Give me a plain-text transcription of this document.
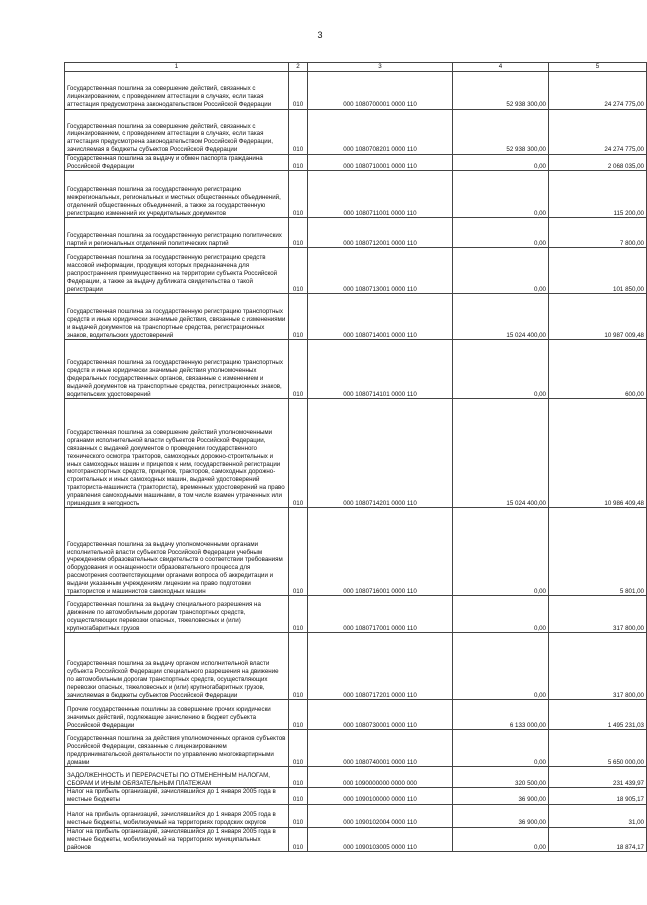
3
1	2	3	4	5
Государственная пошлина за совершение действий, связанных с лицензированием, с проведением аттестации в случаях, если такая аттестация предусмотрена законодательством Российской Федерации	010	000 1080700001 0000 110	52 938 300,00	24 274 775,00
Государственная пошлина за совершение действий, связанных с лицензированием, с проведением аттестации в случаях, если такая аттестация предусмотрена законодательством Российской Федерации, зачисляемая в бюджеты субъектов Российской Федерации	010	000 1080708201 0000 110	52 938 300,00	24 274 775,00
Государственная пошлина за выдачу и обмен паспорта гражданина Российской Федерации	010	000 1080710001 0000 110	0,00	2 068 035,00
Государственная пошлина за государственную регистрацию межрегиональных, региональных и местных общественных объединений, отделений общественных объединений, а также за государственную регистрацию изменений их учредительных документов	010	000 1080711001 0000 110	0,00	115 200,00
Государственная пошлина за государственную регистрацию политических партий и региональных отделений политических партий	010	000 1080712001 0000 110	0,00	7 800,00
Государственная пошлина за государственную регистрацию средств массовой информации, продукция которых предназначена для распространения преимущественно на территории субъекта Российской Федерации, а также за выдачу дубликата свидетельства о такой регистрации	010	000 1080713001 0000 110	0,00	101 850,00
Государственная пошлина за государственную регистрацию транспортных средств и иные юридически значимые действия, связанные с изменениями и выдачей документов на транспортные средства, регистрационных знаков, водительских удостоверений	010	000 1080714001 0000 110	15 024 400,00	10 987 009,48
Государственная пошлина за государственную регистрацию транспортных средств и иные юридически значимые действия уполномоченных федеральных государственных органов, связанные с изменением и выдачей документов на транспортные средства, регистрационных знаков, водительских удостоверений	010	000 1080714101 0000 110	0,00	600,00
Государственная пошлина за совершение действий уполномоченными органами исполнительной власти субъектов Российской Федерации, связанных с выдачей документов о проведении государственного технического осмотра тракторов, самоходных дорожно-строительных и иных самоходных машин и прицепов к ним, государственной регистрации мототранспортных средств, прицепов, тракторов, самоходных дорожно-строительных и иных самоходных машин, выдачей удостоверений тракториста-машиниста (тракториста), временных удостоверений на право управления самоходными машинами, в том числе взамен утраченных или пришедших в негодность	010	000 1080714201 0000 110	15 024 400,00	10 986 409,48
Государственная пошлина за выдачу уполномоченными органами исполнительной власти субъектов Российской Федерации учебным учреждениям образовательных свидетельств о соответствии требованиям оборудования и оснащенности образовательного процесса для рассмотрения соответствующими органами вопроса об аккредитации и выдачи указанным учреждениям лицензии на право подготовки трактористов и машинистов самоходных машин	010	000 1080716001 0000 110	0,00	5 801,00
Государственная пошлина за выдачу специального разрешения на движение по автомобильным дорогам транспортных средств, осуществляющих перевозки опасных, тяжеловесных и (или) крупногабаритных грузов	010	000 1080717001 0000 110	0,00	317 800,00
Государственная пошлина за выдачу органом исполнительной власти субъекта Российской Федерации специального разрешения на движение по автомобильным дорогам транспортных средств, осуществляющих перевозки опасных, тяжеловесных и (или) крупногабаритных грузов, зачисляемая в бюджеты субъектов Российской Федерации	010	000 1080717201 0000 110	0,00	317 800,00
Прочие государственные пошлины за совершение прочих юридически значимых действий, подлежащие зачислению в бюджет субъекта Российской Федерации	010	000 1080730001 0000 110	6 133 000,00	1 495 231,03
Государственная пошлина за действия уполномоченных органов субъектов Российской Федерации, связанные с лицензированием предпринимательской деятельности по управлению многоквартирными домами	010	000 1080740001 0000 110	0,00	5 650 000,00
ЗАДОЛЖЕННОСТЬ И ПЕРЕРАСЧЕТЫ ПО ОТМЕНЕННЫМ НАЛОГАМ, СБОРАМ И ИНЫМ ОБЯЗАТЕЛЬНЫМ ПЛАТЕЖАМ	010	000 1090000000 0000 000	320 500,00	231 439,97
Налог на прибыль организаций, зачислявшийся до 1 января 2005 года в местные бюджеты	010	000 1090100000 0000 110	36 900,00	18 905,17
Налог на прибыль организаций, зачислявшийся до 1 января 2005 года в местные бюджеты, мобилизуемый на территориях городских округов	010	000 1090102004 0000 110	36 900,00	31,00
Налог на прибыль организаций, зачислявшийся до 1 января 2005 года в местные бюджеты, мобилизуемый на территориях муниципальных районов	010	000 1090103005 0000 110	0,00	18 874,17
